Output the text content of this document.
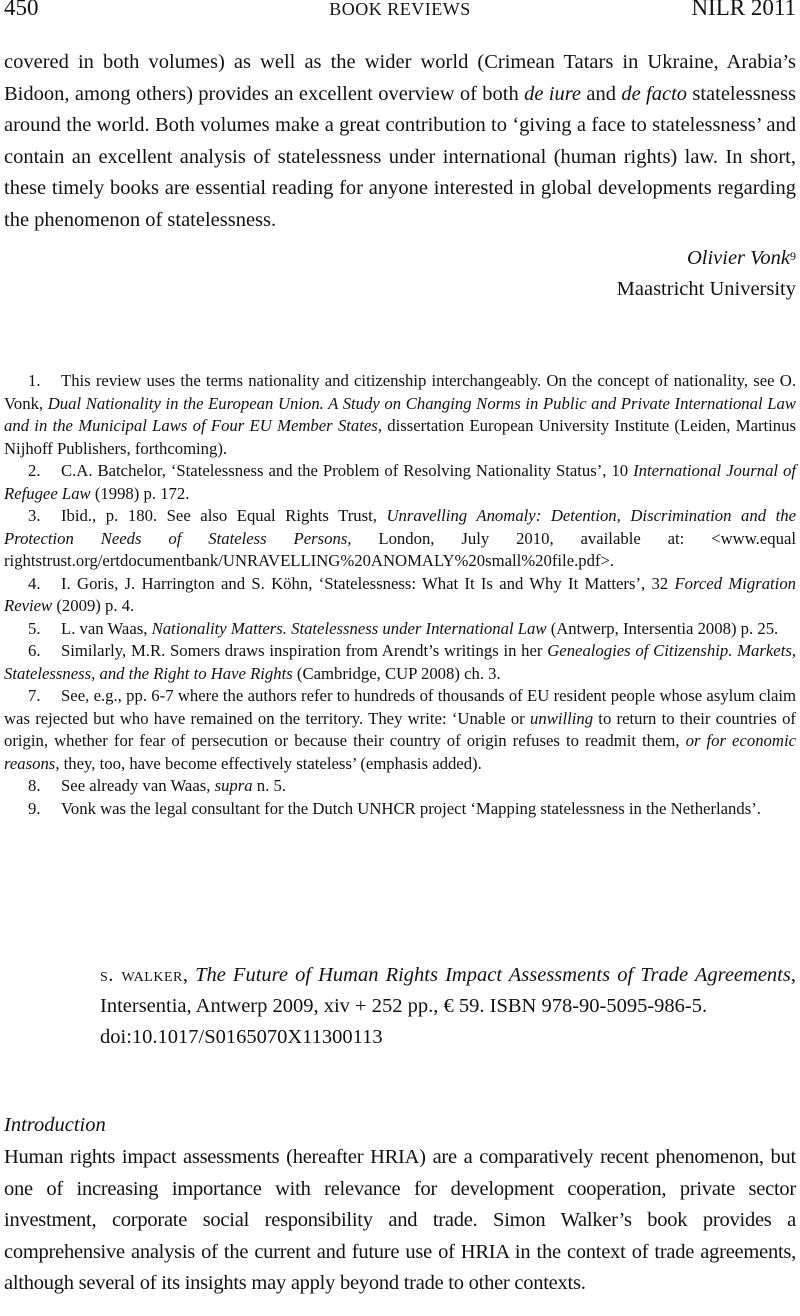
450	BOOK REVIEWS	NILR 2011

covered in both volumes) as well as the wider world (Crimean Tatars in Ukraine, Arabia’s Bidoon, among others) provides an excellent overview of both de iure and de facto statelessness around the world. Both volumes make a great contribution to ‘giving a face to statelessness’ and contain an excellent analysis of statelessness under international (human rights) law. In short, these timely books are essential reading for anyone interested in global developments regarding the phenomenon of statelessness.

Olivier Vonk$^9$
Maastricht University

1. This review uses the terms nationality and citizenship interchangeably. On the concept of nationality, see O. Vonk, Dual Nationality in the European Union. A Study on Changing Norms in Public and Private International Law and in the Municipal Laws of Four EU Member States, dissertation European University Institute (Leiden, Martinus Nijhoff Publishers, forthcoming).

2. C.A. Batchelor, ‘Statelessness and the Problem of Resolving Nationality Status’, 10 International Journal of Refugee Law (1998) p. 172.

3. Ibid., p. 180. See also Equal Rights Trust, Unravelling Anomaly: Detention, Discrimination and the Protection Needs of Stateless Persons, London, July 2010, available at: <www.equal rightstrust.org/ertdocumentbank/UNRAVELLING%20ANOMALY%20small%20file.pdf>.

4. I. Goris, J. Harrington and S. Köhn, ‘Statelessness: What It Is and Why It Matters’, 32 Forced Migration Review (2009) p. 4.

5. L. van Waas, Nationality Matters. Statelessness under International Law (Antwerp, Intersentia 2008) p. 25.

6. Similarly, M.R. Somers draws inspiration from Arendt’s writings in her Genealogies of Citizenship. Markets, Statelessness, and the Right to Have Rights (Cambridge, CUP 2008) ch. 3.

7. See, e.g., pp. 6-7 where the authors refer to hundreds of thousands of EU resident people whose asylum claim was rejected but who have remained on the territory. They write: ‘Unable or unwilling to return to their countries of origin, whether for fear of persecution or because their country of origin refuses to readmit them, or for economic reasons, they, too, have become effectively stateless’ (emphasis added).

8. See already van Waas, supra n. 5.

9. Vonk was the legal consultant for the Dutch UNHCR project ‘Mapping statelessness in the Netherlands’.

s. walker, The Future of Human Rights Impact Assessments of Trade Agreements, Intersentia, Antwerp 2009, xiv + 252 pp., € 59. ISBN 978-90-5095-986-5.

doi:10.1017/S0165070X11300113

Introduction

Human rights impact assessments (hereafter HRIA) are a comparatively recent phenomenon, but one of increasing importance with relevance for development cooperation, private sector investment, corporate social responsibility and trade. Simon Walker’s book provides a comprehensive analysis of the current and future use of HRIA in the context of trade agreements, although several of its insights may apply beyond trade to other contexts.
